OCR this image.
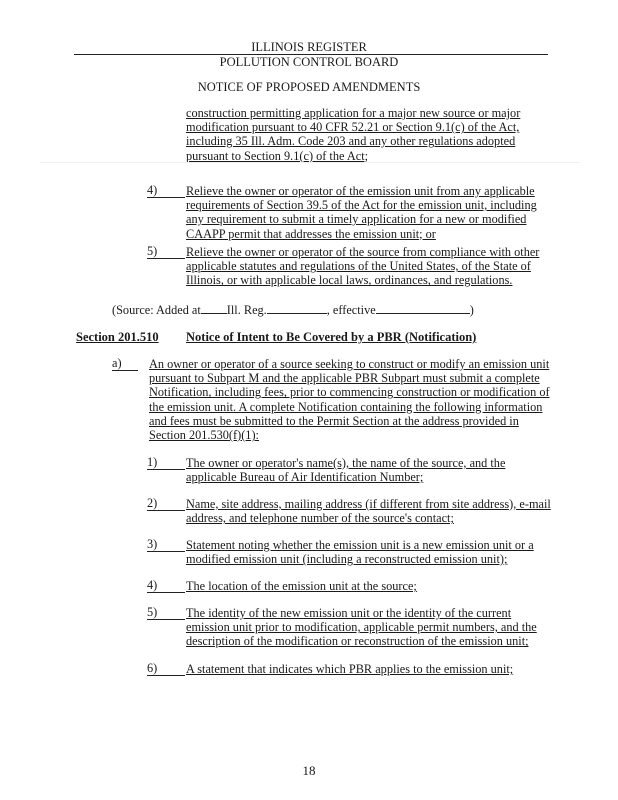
ILLINOIS REGISTER
POLLUTION CONTROL BOARD
NOTICE OF PROPOSED AMENDMENTS
construction permitting application for a major new source or major
modification pursuant to 40 CFR 52.21 or Section 9.1(c) of the Act,
including 35 Ill. Adm. Code 203 and any other regulations adopted
pursuant to Section 9.1(c) of the Act;
4)	Relieve the owner or operator of the emission unit from any applicable
requirements of Section 39.5 of the Act for the emission unit, including
any requirement to submit a timely application for a new or modified
CAAPP permit that addresses the emission unit; or
5)	Relieve the owner or operator of the source from compliance with other
applicable statutes and regulations of the United States, of the State of
Illinois, or with applicable local laws, ordinances, and regulations.
(Source: Added at Ill. Reg.	, effective	)
Section 201.510 Notice of Intent to Be Covered by a PBR (Notification)
a)	An owner or operator of a source seeking to construct or modify an emission unit
pursuant to Subpart M and the applicable PBR Subpart must submit a complete
Notification, including fees, prior to commencing construction or modification of
the emission unit. A complete Notification containing the following information
and fees must be submitted to the Permit Section at the address provided in
Section 201.530(f)(1):
1)	The owner or operator's name(s), the name of the source, and the
applicable Bureau of Air Identification Number;
2)	Name, site address, mailing address (if different from site address), e-mail
address, and telephone number of the source's contact;
3)	Statement noting whether the emission unit is a new emission unit or a
modified emission unit (including a reconstructed emission unit);
4)	The location of the emission unit at the source;
5)	The identity of the new emission unit or the identity of the current
emission unit prior to modification, applicable permit numbers, and the
description of the modification or reconstruction of the emission unit;
6)	A statement that indicates which PBR applies to the emission unit;
18
